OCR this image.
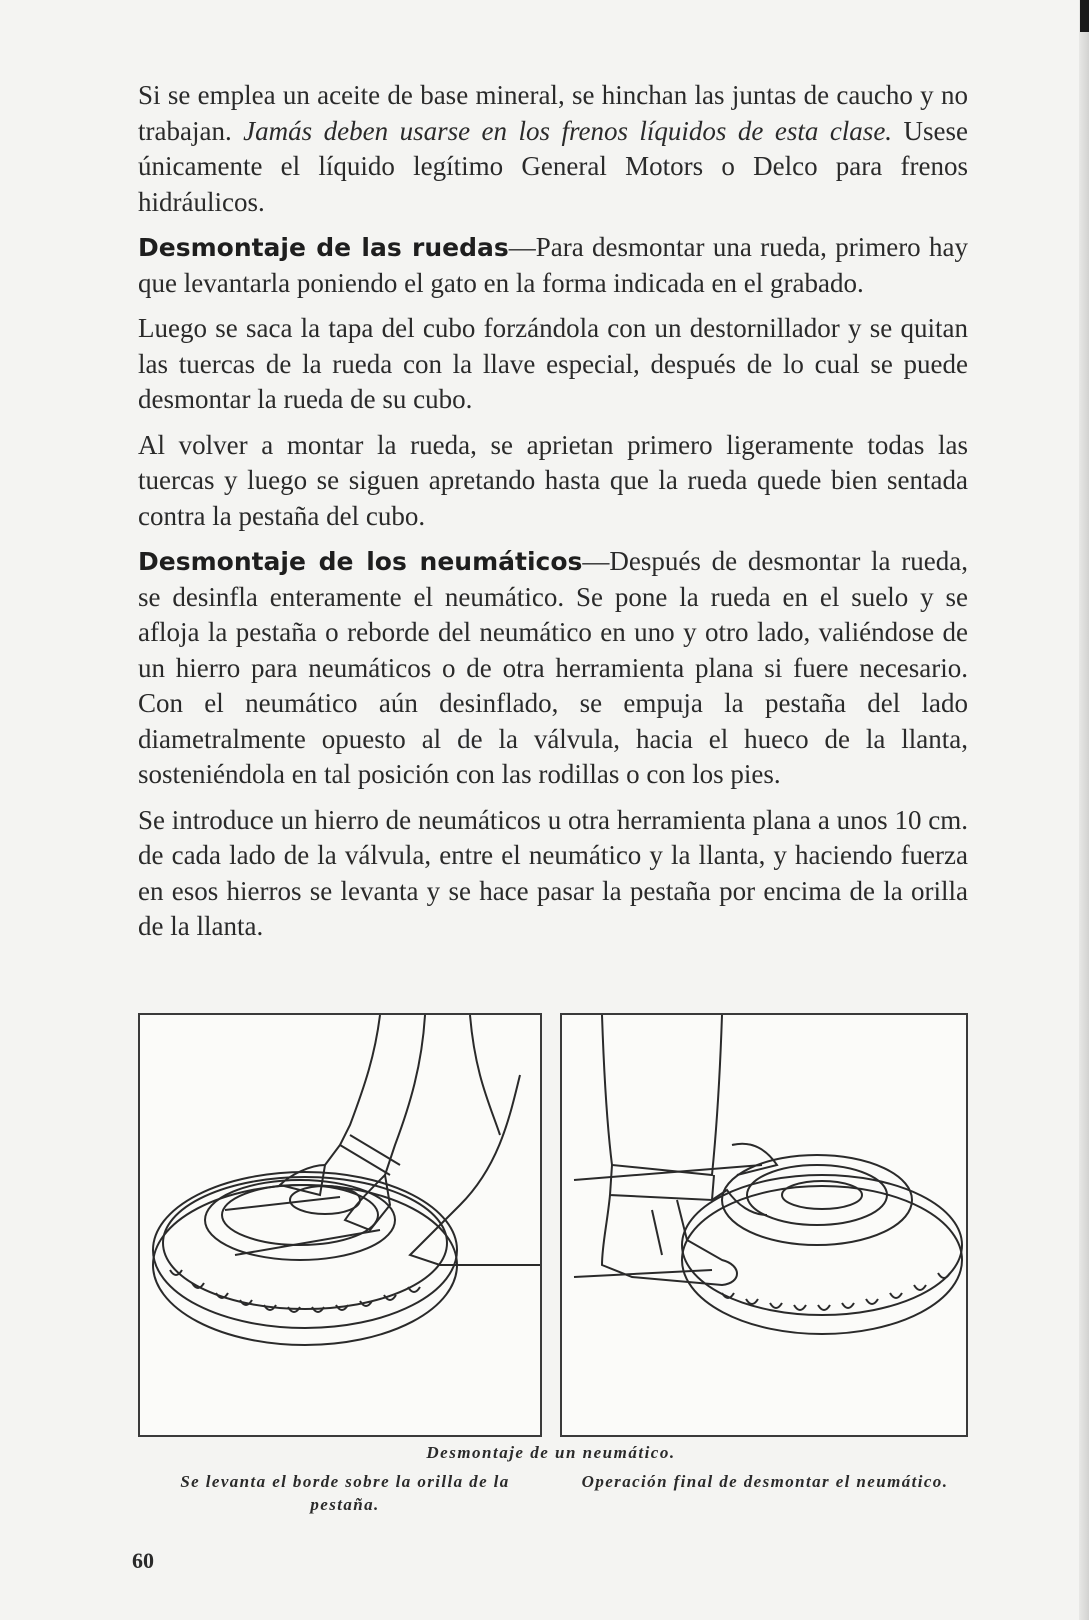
Si se emplea un aceite de base mineral, se hinchan las juntas de caucho y no trabajan. Jamás deben usarse en los frenos líquidos de esta clase. Usese únicamente el líquido legítimo General Motors o Delco para frenos hidráulicos.

Desmontaje de las ruedas—Para desmontar una rueda, primero hay que levantarla poniendo el gato en la forma indicada en el grabado.

Luego se saca la tapa del cubo forzándola con un destornillador y se quitan las tuercas de la rueda con la llave especial, después de lo cual se puede desmontar la rueda de su cubo.

Al volver a montar la rueda, se aprietan primero ligeramente todas las tuercas y luego se siguen apretando hasta que la rueda quede bien sentada contra la pestaña del cubo.

Desmontaje de los neumáticos—Después de desmontar la rueda, se desinfla enteramente el neumático. Se pone la rueda en el suelo y se afloja la pestaña o reborde del neumático en uno y otro lado, valiéndose de un hierro para neumáticos o de otra herramienta plana si fuere necesario. Con el neumático aún desinflado, se empuja la pestaña del lado diametralmente opuesto al de la válvula, hacia el hueco de la llanta, sosteniéndola en tal posición con las rodillas o con los pies.

Se introduce un hierro de neumáticos u otra herramienta plana a unos 10 cm. de cada lado de la válvula, entre el neumático y la llanta, y haciendo fuerza en esos hierros se levanta y se hace pasar la pestaña por encima de la orilla de la llanta.

Desmontaje de un neumático.
Se levanta el borde sobre la orilla de la pestaña.
Operación final de desmontar el neumático.
60
